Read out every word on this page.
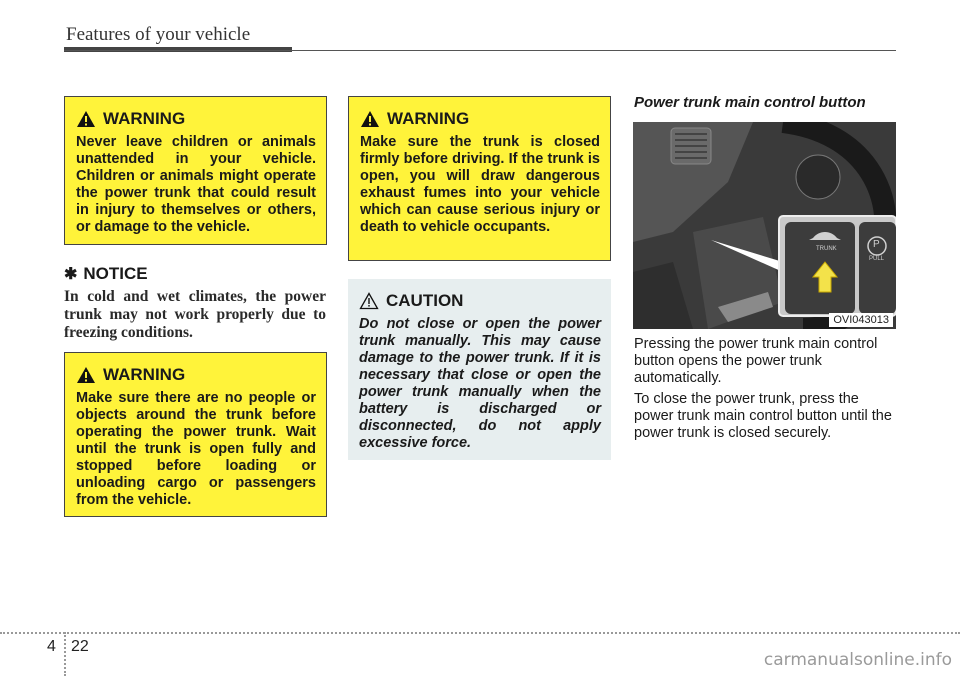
Features of your vehicle
WARNING
Never leave children or animals unattended in your vehicle. Children or animals might operate the power trunk that could result in injury to themselves or others, or damage to the vehicle.
✱ NOTICE
In cold and wet climates, the power trunk may not work properly due to freezing conditions.
WARNING
Make sure there are no people or objects around the trunk before operating the power trunk. Wait until the trunk is open fully and stopped before loading or unloading cargo or passengers from the vehicle.
WARNING
Make sure the trunk is closed firmly before driving. If the trunk is open, you will draw dangerous exhaust fumes into your vehicle which can cause serious injury or death to vehicle occupants.
CAUTION
Do not close or open the power trunk manually. This may cause damage to the power trunk. If it is necessary that close or open the power trunk manually when the battery is discharged or disconnected, do not apply excessive force.
Power trunk main control button
OVI043013
TRUNK	P
PULL
Pressing the power trunk main control button opens the power trunk automatically.
To close the power trunk, press the power trunk main control button until the power trunk is closed securely.
4 22
carmanualsonline.info
